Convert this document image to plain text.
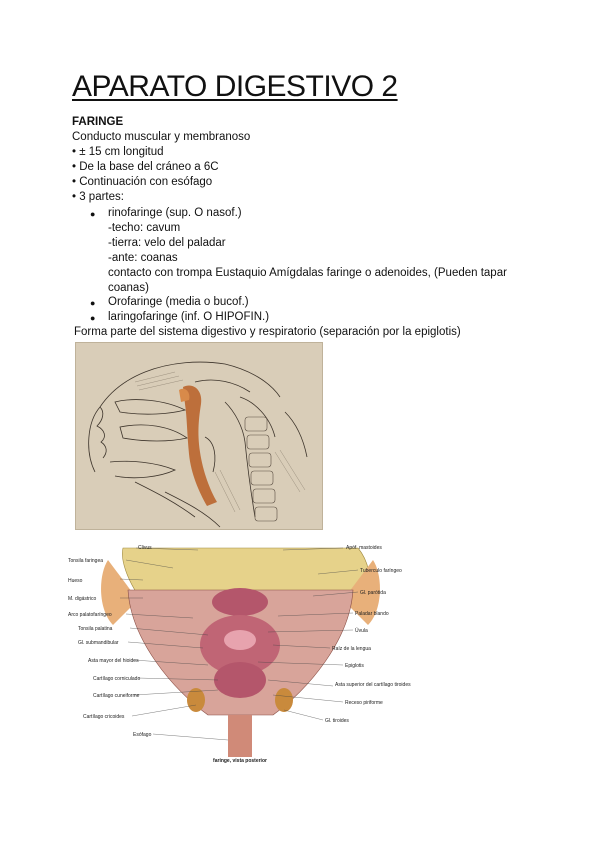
APARATO DIGESTIVO 2
FARINGE
Conducto muscular y membranoso
• ± 15 cm longitud
• De la base del cráneo a 6C
• Continuación con esófago
• 3 partes:
● rinofaringe (sup. O nasof.)
-techo: cavum
-tierra: velo del paladar
-ante: coanas
contacto con trompa Eustaquio Amígdalas faringe o adenoides, (Pueden tapar
coanas)
● Orofaringe (media o bucof.)
● laringofaringe (inf. O HIPOFIN.)
Forma parte del sistema digestivo y respiratorio (separación por la epiglotis)
Clivus
Tonsila faringea
Hueso
M. digástrico
Arco palatofaríngeo
Tonsila palatina
Gl. submandibular
Asta mayor del hioides
Cartílago corniculado
Cartílago cuneiforme
Cartílago cricoides
Esófago
Apóf. mastoides
Tuberculo faríngeo
Gl. parótida
Paladar blando
Úvula
Raíz de la lengua
Epiglotis
Asta superior del cartílago tiroides
Receso piriforme
Gl. tiroides
faringe, vista posterior
